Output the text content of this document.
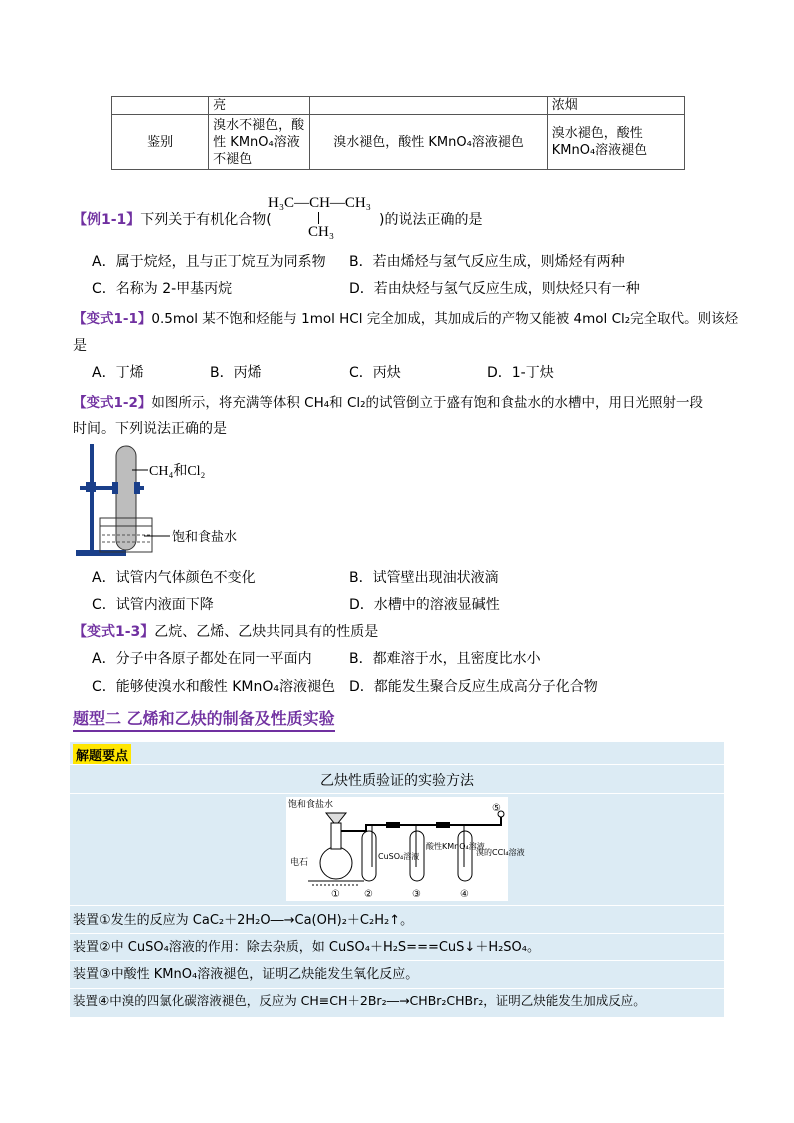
	亮		浓烟
鉴别	溴水不褪色，酸性 KMnO₄溶液不褪色	溴水褪色，酸性 KMnO₄溶液褪色	溴水褪色，酸性KMnO₄溶液褪色
【例1-1】下列关于有机化合物(
H₃C—CH—CH₃
CH₃
)的说法正确的是
A．属于烷烃，且与正丁烷互为同系物 B．若由烯烃与氢气反应生成，则烯烃有两种
C．名称为 2-甲基丙烷	D．若由炔烃与氢气反应生成，则炔烃只有一种
【变式1-1】0.5mol 某不饱和烃能与 1mol HCl 完全加成，其加成后的产物又能被 4mol Cl₂完全取代。则该烃
是
A．丁烯	B．丙烯	C．丙炔	D．1-丁炔
【变式1-2】如图所示，将充满等体积 CH₄和 Cl₂的试管倒立于盛有饱和食盐水的水槽中，用日光照射一段
时间。下列说法正确的是
CH₄和Cl₂
饱和食盐水
A．试管内气体颜色不变化	B．试管壁出现油状液滴
C．试管内液面下降	D．水槽中的溶液显碱性
【变式1-3】乙烷、乙烯、乙炔共同具有的性质是
A．分子中各原子都处在同一平面内	B．都难溶于水，且密度比水小
C．能够使溴水和酸性 KMnO₄溶液褪色 D．都能发生聚合反应生成高分子化合物
题型二 乙烯和乙炔的制备及性质实验
解题要点
乙炔性质验证的实验方法
饱和食盐水
电石
CuSO₄溶液
酸性KMnO₄溶液
溴的CCl₄溶液
① ②	③	④
⑤
装置①发生的反应为 CaC₂＋2H₂O―→Ca(OH)₂＋C₂H₂↑。
装置②中 CuSO₄溶液的作用：除去杂质，如 CuSO₄＋H₂S===CuS↓＋H₂SO₄。
装置③中酸性 KMnO₄溶液褪色，证明乙炔能发生氧化反应。
装置④中溴的四氯化碳溶液褪色，反应为 CH≡CH＋2Br₂―→CHBr₂CHBr₂，证明乙炔能发生加成反应。
